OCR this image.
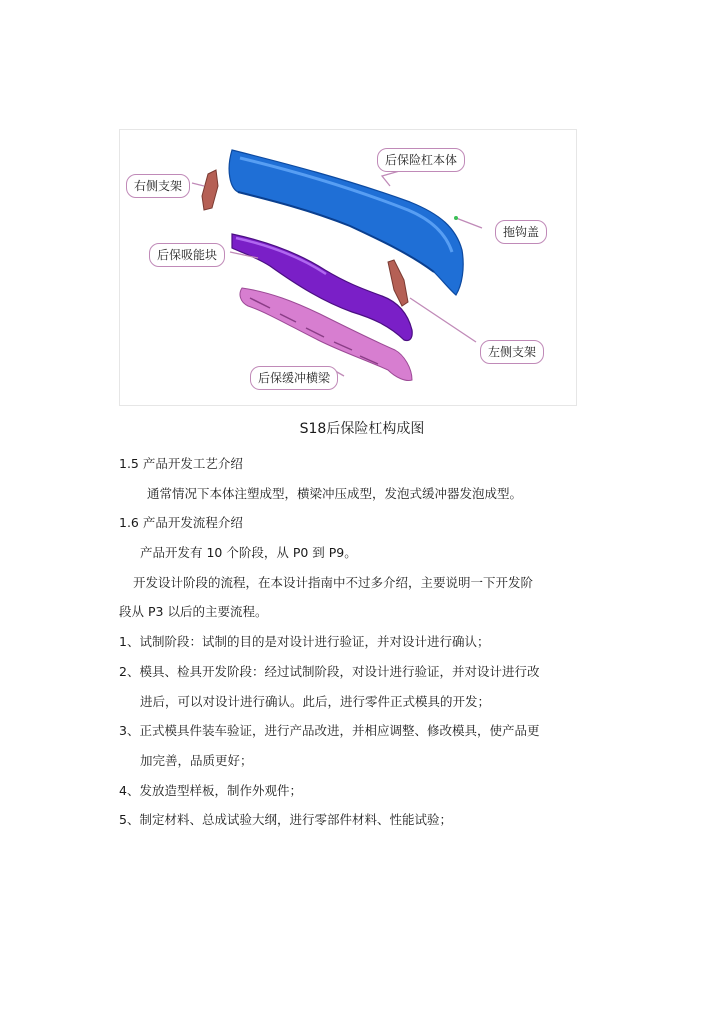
右侧支架
后保险杠本体
后保吸能块
拖钩盖
左侧支架
后保缓冲横梁
S18后保险杠构成图
1.5 产品开发工艺介绍
通常情况下本体注塑成型，横梁冲压成型，发泡式缓冲器发泡成型。
1.6 产品开发流程介绍
产品开发有 10 个阶段，从 P0 到 P9。
开发设计阶段的流程，在本设计指南中不过多介绍，主要说明一下开发阶
段从 P3 以后的主要流程。
1、试制阶段：试制的目的是对设计进行验证，并对设计进行确认；
2、模具、检具开发阶段：经过试制阶段，对设计进行验证，并对设计进行改
进后，可以对设计进行确认。此后，进行零件正式模具的开发；
3、正式模具件装车验证，进行产品改进，并相应调整、修改模具，使产品更
加完善，品质更好；
4、发放造型样板，制作外观件；
5、制定材料、总成试验大纲，进行零部件材料、性能试验；
